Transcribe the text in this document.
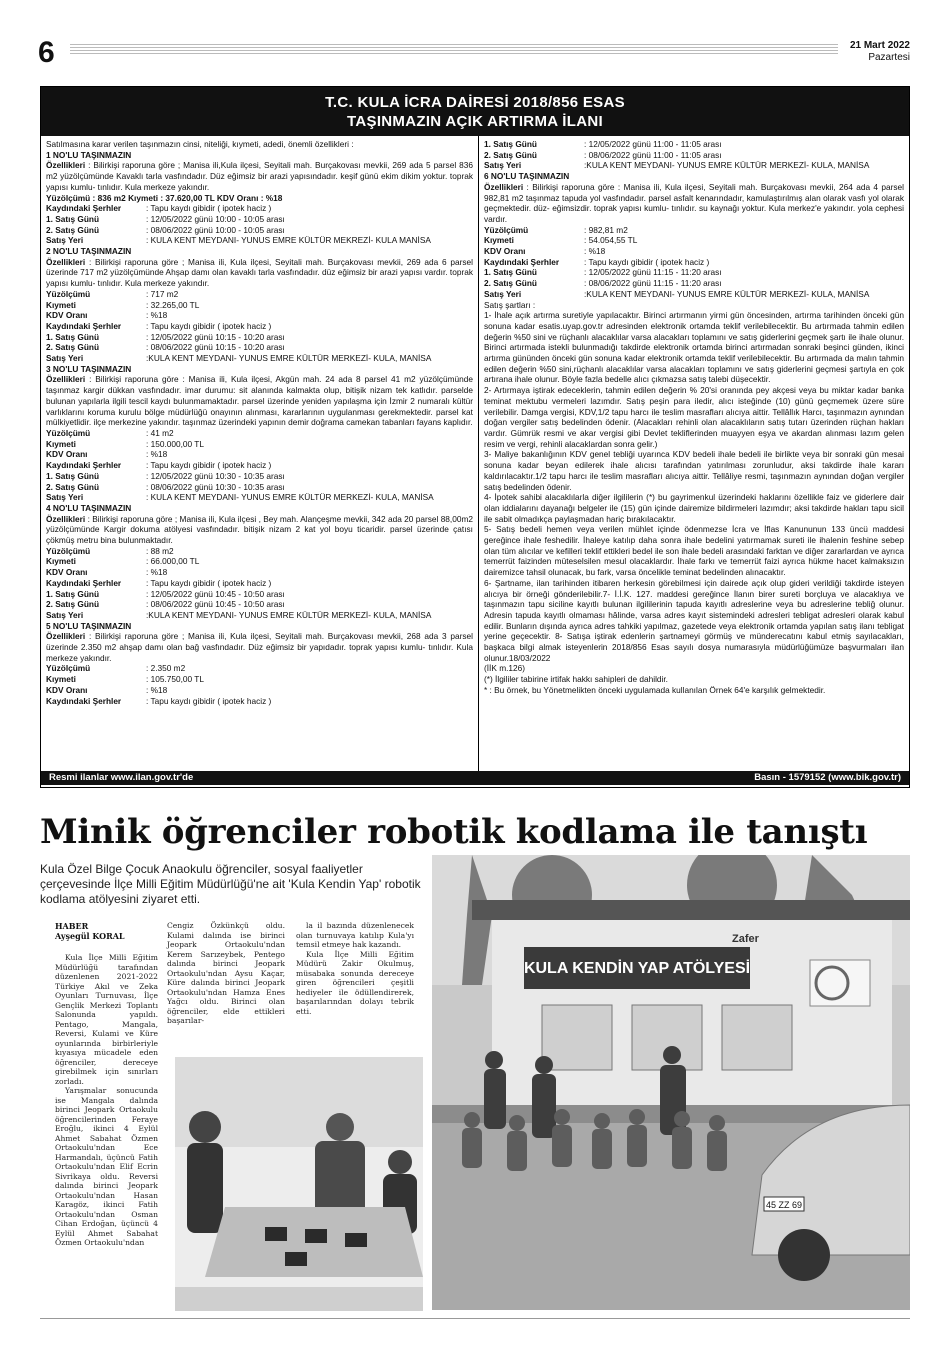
6	21 Mart 2022
Pazartesi
T.C. KULA İCRA DAİRESİ 2018/856 ESAS
TAŞINMAZIN AÇIK ARTIRMA İLANI

Satılmasına karar verilen taşınmazın cinsi, niteliği, kıymeti, adedi, önemli özellikleri :

1 NO'LU TAŞINMAZIN

Özellikleri : Bilirkişi raporuna göre ; Manisa ili,Kula ilçesi, Seyitali mah. Burçakovası mevkii, 269 ada 5 parsel 836 m2 yüzölçümünde Kavaklı tarla vasfındadır. Düz eğimsiz bir arazi yapısındadır. keşif günü ekim dikim yoktur. toprak yapısı kumlu- tınlıdır. Kula merkeze yakındır.

Yüzölçümü : 836 m2 Kıymeti : 37.620,00 TL KDV Oranı : %18

Kaydındaki Şerhler	: Tapu kaydı gibidir ( ipotek haciz )
1. Satış Günü	: 12/05/2022 günü 10:00 - 10:05 arası
2. Satış Günü	: 08/06/2022 günü 10:00 - 10:05 arası
Satış Yeri	: KULA KENT MEYDANI- YUNUS EMRE KÜLTÜR MEKREZİ- KULA MANİSA
2 NO'LU TAŞINMAZIN

Özellikleri : Bilirkişi raporuna göre ; Manisa ili, Kula ilçesi, Seyitali mah. Burçakovası mevkii, 269 ada 6 parsel üzerinde 717 m2 yüzölçümünde Ahşap damı olan kavaklı tarla vasfındadır. düz eğimsiz bir arazi yapısı vardır. toprak yapısı kumlu- tınlıdır. Kula merkeze yakındır.

Yüzölçümü	: 717 m2
Kıymeti	: 32.265,00 TL
KDV Oranı	: %18
Kaydındaki Şerhler	: Tapu kaydı gibidir ( ipotek haciz )
1. Satış Günü	: 12/05/2022 günü 10:15 - 10:20 arası
2. Satış Günü	: 08/06/2022 günü 10:15 - 10:20 arası
Satış Yeri	:KULA KENT MEYDANI- YUNUS EMRE KÜLTÜR MERKEZİ- KULA, MANİSA
3 NO'LU TAŞINMAZIN

Özellikleri : Bilirkişi raporuna göre : Manisa ili, Kula ilçesi, Akgün mah. 24 ada 8 parsel 41 m2 yüzölçümünde taşınmaz kargir dükkan vasfındadır. imar durumu: sit alanında kalmakta olup, bitişik nizam tek katlıdır. parselde bulunan yapılarla ilgili tescil kaydı bulunmamaktadır. parsel üzerinde yeniden yapılaşma için İzmir 2 numaralı kültür varlıklarını koruma kurulu bölge müdürlüğü onayının alınması, kararlarının uygulanması gerekmektedir. parsel kat mülkiyetlidir. ilçe merkezine yakındır. taşınmaz üzerindeki yapının demir doğrama camekan tabanları fayans kaplıdır.

Yüzölçümü	: 41 m2
Kıymeti	: 150.000,00 TL
KDV Oranı	: %18
Kaydındaki Şerhler	: Tapu kaydı gibidir ( ipotek haciz )
1. Satış Günü	: 12/05/2022 günü 10:30 - 10:35 arası
2. Satış Günü	: 08/06/2022 günü 10:30 - 10:35 arası
Satış Yeri	: KULA KENT MEYDANI- YUNUS EMRE KÜLTÜR MERKEZİ- KULA, MANİSA
4 NO'LU TAŞINMAZIN

Özellikleri : Bilirkişi raporuna göre ; Manisa ili, Kula ilçesi , Bey mah. Alançeşme mevkii, 342 ada 20 parsel 88,00m2 yüzölçümünde Kargir dokuma atölyesi vasfındadır. bitişik nizam 2 kat yol boyu ticaridir. parsel üzerinde çatısı çökmüş metru bina bulunmaktadır.

Yüzölçümü	: 88 m2
Kıymeti	: 66.000,00 TL
KDV Oranı	: %18
Kaydındaki Şerhler	: Tapu kaydı gibidir ( ipotek haciz )
1. Satış Günü	: 12/05/2022 günü 10:45 - 10:50 arası
2. Satış Günü	: 08/06/2022 günü 10:45 - 10:50 arası
Satış Yeri	:KULA KENT MEYDANI- YUNUS EMRE KÜLTÜR MERKEZİ- KULA, MANİSA
5 NO'LU TAŞINMAZIN

Özellikleri : Bilirkişi raporuna göre ; Manisa ili, Kula ilçesi, Seyitali mah. Burçakovası mevkii, 268 ada 3 parsel üzerinde 2.350 m2 ahşap damı olan bağ vasfındadır. Düz eğimsiz bir yapıdadır. toprak yapısı kumlu- tınlıdır. Kula merkeze yakındır.

Yüzölçümü	: 2.350 m2
Kıymeti	: 105.750,00 TL
KDV Oranı	: %18
Kaydındaki Şerhler	: Tapu kaydı gibidir ( ipotek haciz )
1. Satış Günü	: 12/05/2022 günü 11:00 - 11:05 arası
2. Satış Günü	: 08/06/2022 günü 11:00 - 11:05 arası
Satış Yeri	:KULA KENT MEYDANI- YUNUS EMRE KÜLTÜR MERKEZİ- KULA, MANİSA
6 NO'LU TAŞINMAZIN

Özellikleri : Bilirkişi raporuna göre : Manisa ili, Kula ilçesi, Seyitali mah. Burçakovası mevkii, 264 ada 4 parsel 982,81 m2 taşınmaz tapuda yol vasfındadır. parsel asfalt kenarındadır, kamulaştırılmış alan olarak vasfı yol olarak geçmektedir. düz- eğimsizdir. toprak yapısı kumlu- tınlıdır. su kaynağı yoktur. Kula merkez'e yakındır. yola cephesi vardır.

Yüzölçümü	: 982,81 m2
Kıymeti	: 54.054,55 TL
KDV Oranı	: %18
Kaydındaki Şerhler	: Tapu kaydı gibidir ( ipotek haciz )
1. Satış Günü	: 12/05/2022 günü 11:15 - 11:20 arası
2. Satış Günü	: 08/06/2022 günü 11:15 - 11:20 arası
Satış Yeri	:KULA KENT MEYDANI- YUNUS EMRE KÜLTÜR MERKEZİ- KULA, MANİSA
Satış şartları :

1- İhale açık artırma suretiyle yapılacaktır. Birinci artırmanın yirmi gün öncesinden, artırma tarihinden önceki gün sonuna kadar esatis.uyap.gov.tr adresinden elektronik ortamda teklif verilebilecektir. Bu artırmada tahmin edilen değerin %50 sini ve rüçhanlı alacaklılar varsa alacakları toplamını ve satış giderlerini geçmek şartı ile ihale olunur. Birinci artırmada istekli bulunmadığı takdirde elektronik ortamda birinci artırmadan sonraki beşinci günden, ikinci artırma gününden önceki gün sonuna kadar elektronik ortamda teklif verilebilecektir. Bu artırmada da malın tahmin edilen değerin %50 sini,rüçhanlı alacaklılar varsa alacakları toplamını ve satış giderlerini geçmesi şartıyla en çok artırana ihale olunur. Böyle fazla bedelle alıcı çıkmazsa satış talebi düşecektir.

2- Artırmaya iştirak edeceklerin, tahmin edilen değerin % 20'si oranında pey akçesi veya bu miktar kadar banka teminat mektubu vermeleri lazımdır. Satış peşin para iledir, alıcı isteğinde (10) günü geçmemek üzere süre verilebilir. Damga vergisi, KDV,1/2 tapu harcı ile teslim masrafları alıcıya aittir. Tellâllık Harcı, taşınmazın aynından doğan vergiler satış bedelinden ödenir. (Alacakları rehinli olan alacaklıların satış tutarı üzerinden rüçhan hakları vardır. Gümrük resmi ve akar vergisi gibi Devlet tekliflerinden muayyen eşya ve akardan alınması lazım gelen resim ve vergi, rehinli alacaklardan sonra gelir.)

3- Maliye bakanlığının KDV genel tebliği uyarınca KDV bedeli ihale bedeli ile birlikte veya bir sonraki gün mesai sonuna kadar beyan edilerek ihale alıcısı tarafından yatırılması zorunludur, aksi takdirde ihale kararı kaldırılacaktır.1/2 tapu harcı ile teslim masrafları alıcıya aittir. Tellâliye resmi, taşınmazın aynından doğan vergiler satış bedelinden ödenir.

4- İpotek sahibi alacaklılarla diğer ilgililerin (*) bu gayrimenkul üzerindeki haklarını özellikle faiz ve giderlere dair olan iddialarını dayanağı belgeler ile (15) gün içinde dairemize bildirmeleri lazımdır; aksi takdirde hakları tapu sicil ile sabit olmadıkça paylaşmadan hariç bırakılacaktır.

5- Satış bedeli hemen veya verilen mühlet içinde ödenmezse İcra ve İflas Kanununun 133 üncü maddesi gereğince ihale feshedilir. İhaleye katılıp daha sonra ihale bedelini yatırmamak sureti ile ihalenin feshine sebep olan tüm alıcılar ve kefilleri teklif ettikleri bedel ile son ihale bedeli arasındaki farktan ve diğer zararlardan ve ayrıca temerrüt faizinden müteselsilen mesul olacaklardır. İhale farkı ve temerrüt faizi ayrıca hükme hacet kalmaksızın dairemizce tahsil olunacak, bu fark, varsa öncelikle teminat bedelinden alınacaktır.

6- Şartname, ilan tarihinden itibaren herkesin görebilmesi için dairede açık olup gideri verildiği takdirde isteyen alıcıya bir örneği gönderilebilir.7- İ.İ.K. 127. maddesi gereğince İlanın birer sureti borçluya ve alacaklıya ve taşınmazın tapu siciline kayıtlı bulunan ilgililerinin tapuda kayıtlı adreslerine veya bu adreslerine tebliğ olunur. Adresin tapuda kayıtlı olmaması hâlinde, varsa adres kayıt sistemindeki adresleri tebligat adresleri olarak kabul edilir. Bunların dışında ayrıca adres tahkiki yapılmaz, gazetede veya elektronik ortamda yapılan satış ilanı tebligat yerine geçecektir. 8- Satışa iştirak edenlerin şartnameyi görmüş ve münderecatını kabul etmiş sayılacakları, başkaca bilgi almak isteyenlerin 2018/856 Esas sayılı dosya numarasıyla müdürlüğümüze başvurmaları ilan olunur.18/03/2022

(İİK m.126)

(*) İlgililer tabirine irtifak hakkı sahipleri de dahildir.

* : Bu örnek, bu Yönetmelikten önceki uygulamada kullanılan Örnek 64'e karşılık gelmektedir.

Resmi ilanlar www.ilan.gov.tr'de	Basın - 1579152 (www.bik.gov.tr)
Minik öğrenciler robotik kodlama ile tanıştı
Kula Özel Bilge Çocuk Anaokulu öğrenciler, sosyal faaliyetler çerçevesinde İlçe Milli Eğitim Müdürlüğü'ne ait 'Kula Kendin Yap' robotik kodlama atölyesini ziyaret etti.
HABER
Ayşegül KORAL

Kula İlçe Milli Eğitim Müdürlüğü tarafından düzenlenen 2021-2022 Türkiye Akıl ve Zeka Oyunları Turnuvası, İlçe Gençlik Merkezi Toplantı Salonunda yapıldı. Pentago, Mangala, Reversi, Kulami ve Küre oyunlarında birbirleriyle kıyasıya mücadele eden öğrenciler, dereceye girebilmek için sınırları zorladı.

Yarışmalar sonucunda ise Mangala dalında birinci Jeopark Ortaokulu öğrencilerinden Feraye Eroğlu, ikinci 4 Eylül Ahmet Sabahat Özmen Ortaokulu'ndan Ece Harmandalı, üçüncü Fatih Ortaokulu'ndan Elif Ecrin Sivrikaya oldu. Reversi dalında birinci Jeopark Ortaokulu'ndan Hasan Karagöz, ikinci Fatih Ortaokulu'ndan Osman Cihan Erdoğan, üçüncü 4 Eylül Ahmet Sabahat Özmen Ortaokulu'ndan

Cengiz Özkünkçü oldu. Kulami dalında ise birinci Jeopark Ortaokulu'ndan Kerem Sarızeybek, Pentego dalında birinci Jeopark Ortaokulu'ndan Aysu Kaçar, Küre dalında birinci Jeopark Ortaokulu'ndan Hamza Enes Yağcı oldu. Birinci olan öğrenciler, elde ettikleri başarılar-

la il bazında düzenlenecek olan turnuvaya katılıp Kula'yı temsil etmeye hak kazandı.

Kula İlçe Milli Eğitim Müdürü Zakir Okulmuş, müsabaka sonunda dereceye giren öğrencileri çeşitli hediyeler ile ödüllendirerek, başarılarından dolayı tebrik etti.

KULA KENDİN YAP ATÖLYESİ
Zafer
45 ZZ 69
